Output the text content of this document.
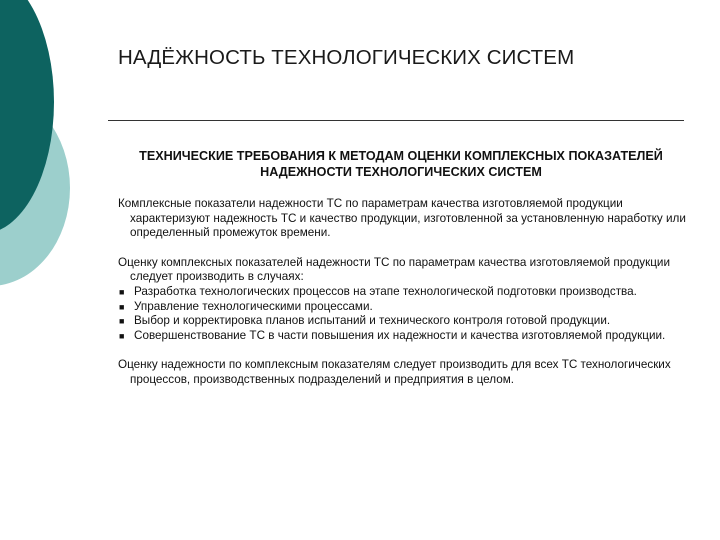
НАДЁЖНОСТЬ ТЕХНОЛОГИЧЕСКИХ СИСТЕМ
ТЕХНИЧЕСКИЕ ТРЕБОВАНИЯ К МЕТОДАМ ОЦЕНКИ КОМПЛЕКСНЫХ ПОКАЗАТЕЛЕЙ НАДЕЖНОСТИ ТЕХНОЛОГИЧЕСКИХ СИСТЕМ

Комплексные показатели надежности ТС по параметрам качества изготовляемой продукции характеризуют надежность ТС и качество продукции, изготовленной за установленную наработку или определенный промежуток времени.

Оценку комплексных показателей надежности ТС по параметрам качества изготовляемой продукции следует производить в случаях:

■ Разработка технологических процессов на этапе технологической подготовки производства.
■ Управление технологическими процессами.
■ Выбор и корректировка планов испытаний и технического контроля готовой продукции.
■ Совершенствование ТС в части повышения их надежности и качества изготовляемой продукции.

Оценку надежности по комплексным показателям следует производить для всех ТС технологических процессов, производственных подразделений и предприятия в целом.
